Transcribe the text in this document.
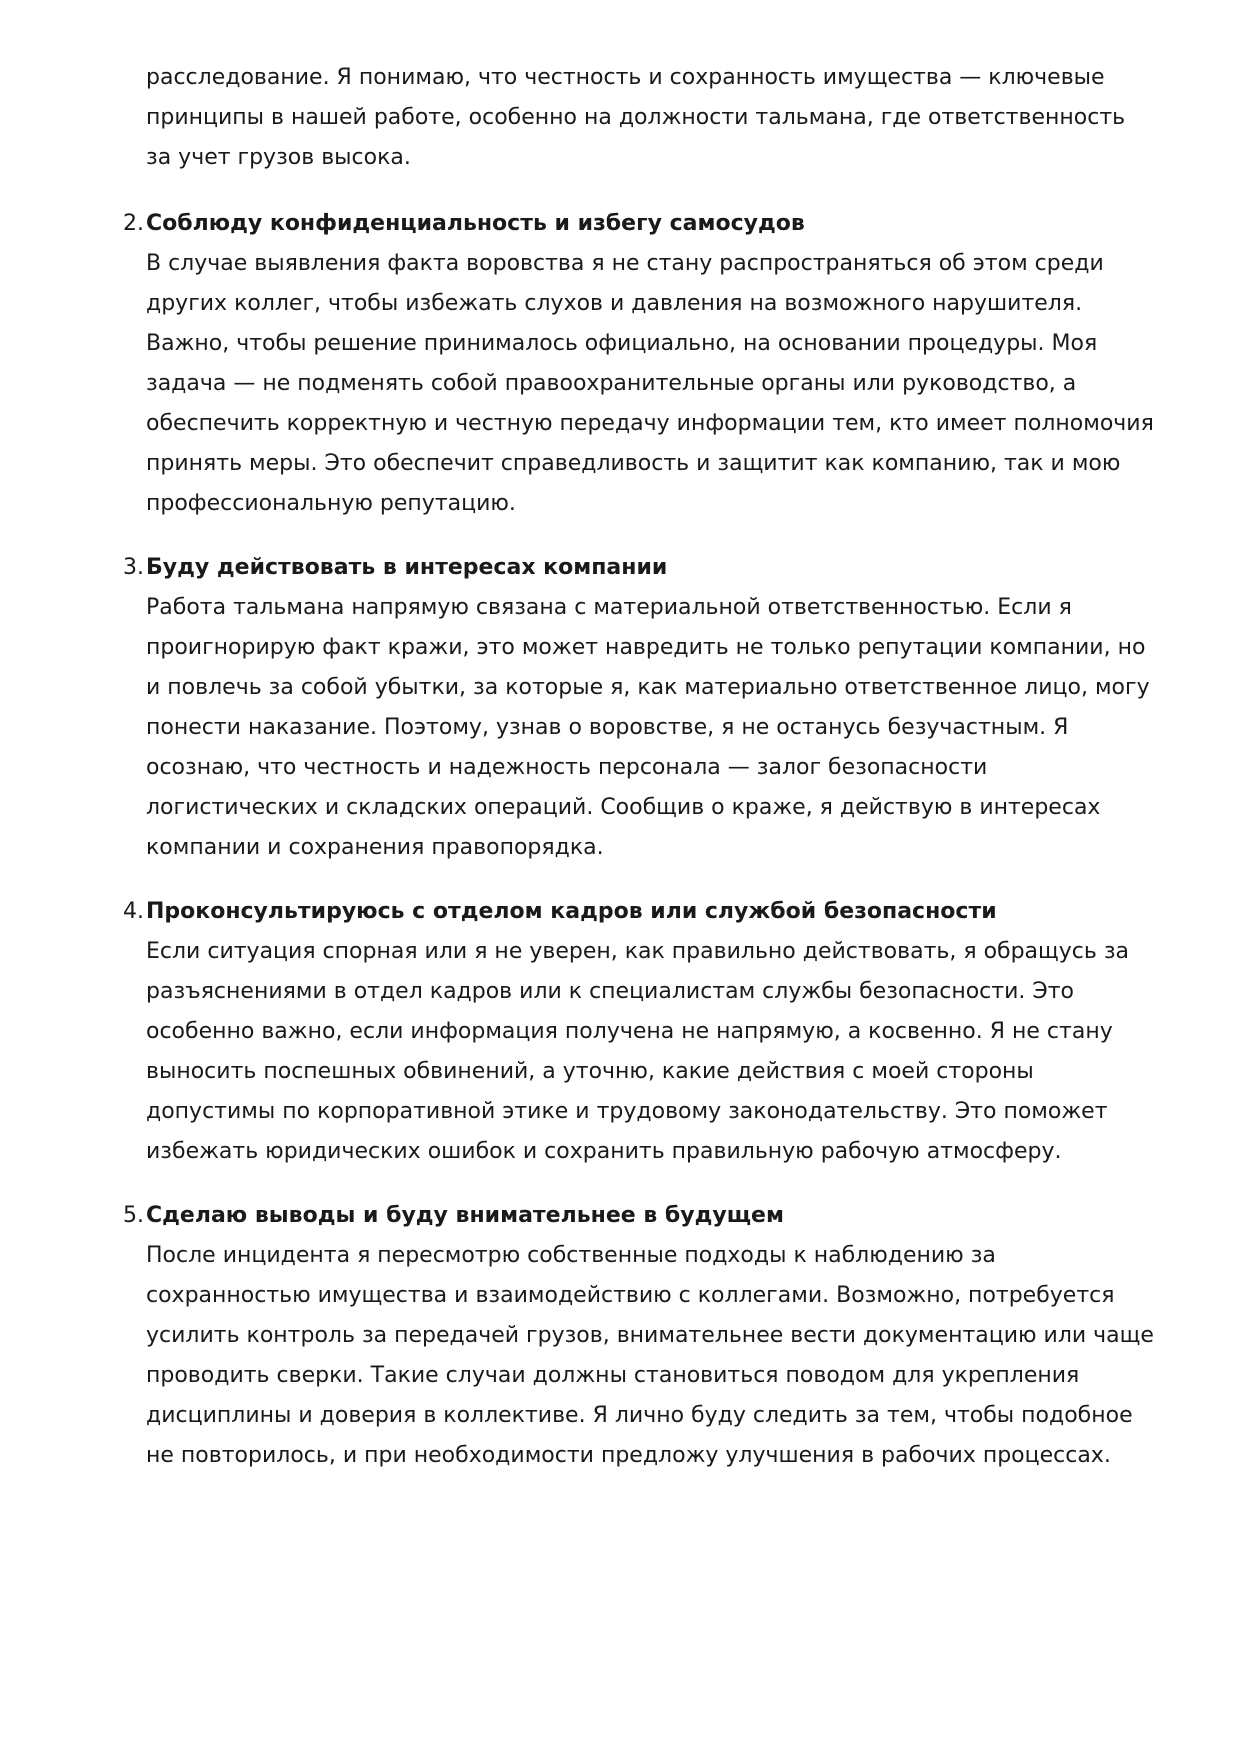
расследование. Я понимаю, что честность и сохранность имущества — ключевые принципы в нашей работе, особенно на должности тальмана, где ответственность за учет грузов высока.

2. Соблюду конфиденциальность и избегу самосудов

В случае выявления факта воровства я не стану распространяться об этом среди других коллег, чтобы избежать слухов и давления на возможного нарушителя. Важно, чтобы решение принималось официально, на основании процедуры. Моя задача — не подменять собой правоохранительные органы или руководство, а обеспечить корректную и честную передачу информации тем, кто имеет полномочия принять меры. Это обеспечит справедливость и защитит как компанию, так и мою профессиональную репутацию.

3. Буду действовать в интересах компании

Работа тальмана напрямую связана с материальной ответственностью. Если я проигнорирую факт кражи, это может навредить не только репутации компании, но и повлечь за собой убытки, за которые я, как материально ответственное лицо, могу понести наказание. Поэтому, узнав о воровстве, я не останусь безучастным. Я осознаю, что честность и надежность персонала — залог безопасности логистических и складских операций. Сообщив о краже, я действую в интересах компании и сохранения правопорядка.

4. Проконсультируюсь с отделом кадров или службой безопасности

Если ситуация спорная или я не уверен, как правильно действовать, я обращусь за разъяснениями в отдел кадров или к специалистам службы безопасности. Это особенно важно, если информация получена не напрямую, а косвенно. Я не стану выносить поспешных обвинений, а уточню, какие действия с моей стороны допустимы по корпоративной этике и трудовому законодательству. Это поможет избежать юридических ошибок и сохранить правильную рабочую атмосферу.

5. Сделаю выводы и буду внимательнее в будущем

После инцидента я пересмотрю собственные подходы к наблюдению за сохранностью имущества и взаимодействию с коллегами. Возможно, потребуется усилить контроль за передачей грузов, внимательнее вести документацию или чаще проводить сверки. Такие случаи должны становиться поводом для укрепления дисциплины и доверия в коллективе. Я лично буду следить за тем, чтобы подобное не повторилось, и при необходимости предложу улучшения в рабочих процессах.
